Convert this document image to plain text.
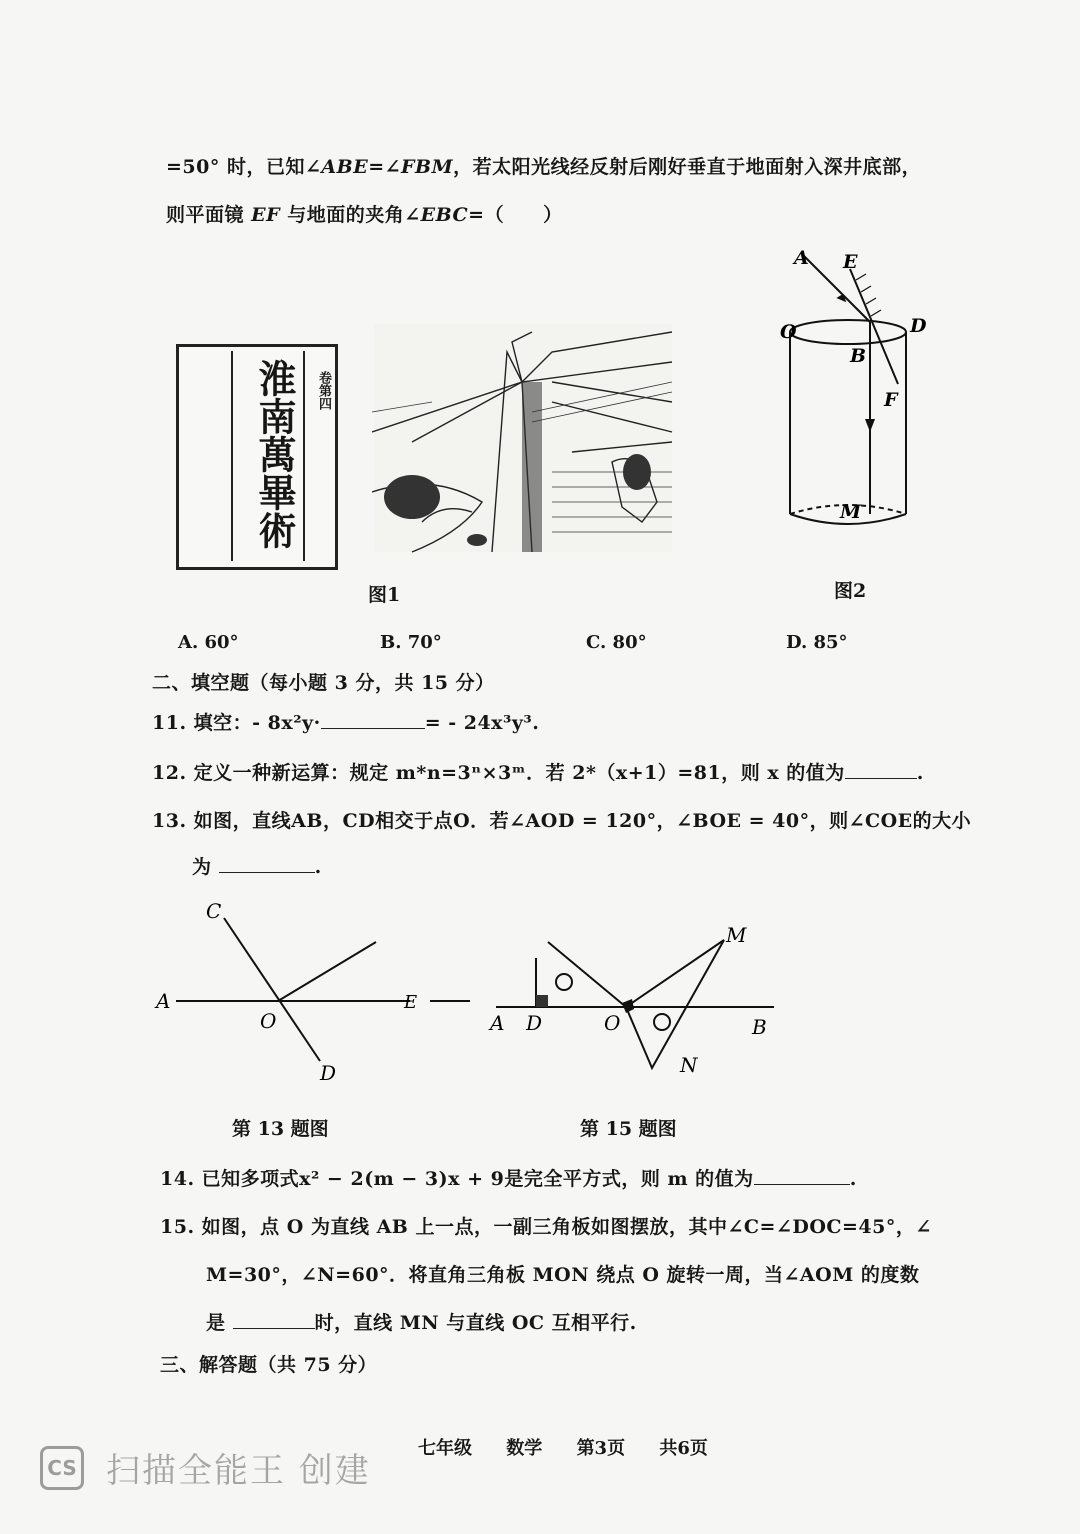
=50° 时，已知∠ABE=∠FBM，若太阳光线经反射后刚好垂直于地面射入深井底部，
则平面镜 EF 与地面的夹角∠EBC=（　　）
淮南萬畢術	卷第四
图1
A E
O	D
B
F
M
图2
A. 60°	B. 70°	C. 80°	D. 85°
二、填空题（每小题 3 分，共 15 分）
11. 填空：- 8x²y·	= - 24x³y³.
12. 定义一种新运算：规定 m*n=3ⁿ×3ᵐ．若 2*（x+1）=81，则 x 的值为	.
13. 如图，直线AB，CD相交于点O．若∠AOD = 120°，∠BOE = 40°，则∠COE的大小
为	.
C
A
O
D
E
第 13 题图
M
A D	O	B
N
第 15 题图
14. 已知多项式x² − 2(m − 3)x + 9是完全平方式，则 m 的值为	.
15. 如图，点 O 为直线 AB 上一点，一副三角板如图摆放，其中∠C=∠DOC=45°，∠
M=30°，∠N=60°．将直角三角板 MON 绕点 O 旋转一周，当∠AOM 的度数
是	时，直线 MN 与直线 OC 互相平行.
三、解答题（共 75 分）
七年级 数学 第3页 共6页
CS 扫描全能王 创建
